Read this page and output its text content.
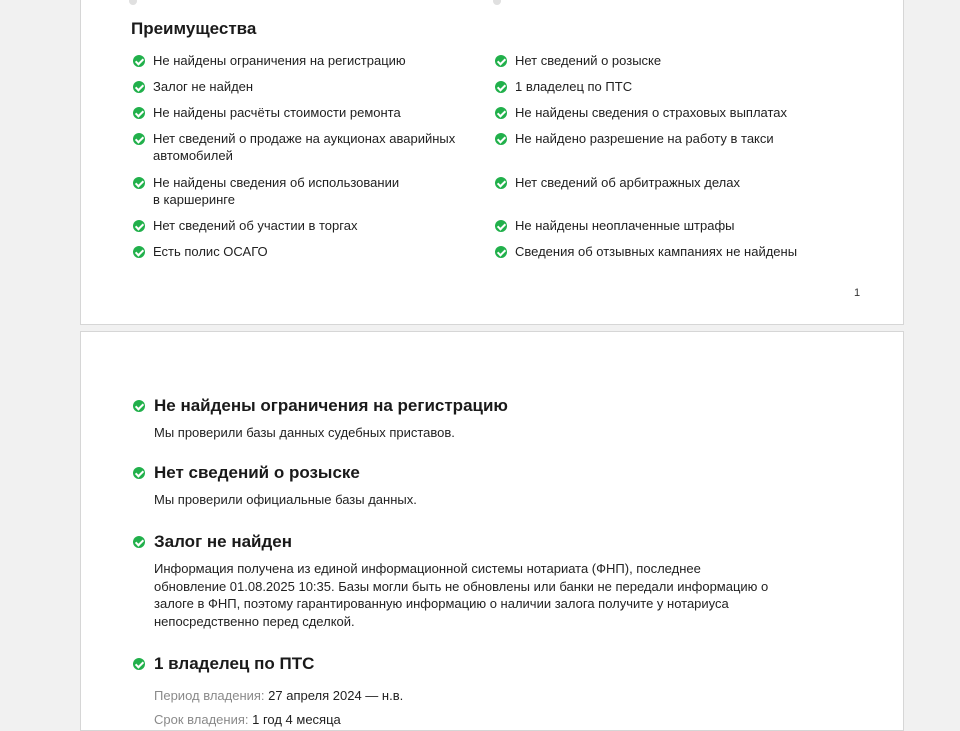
Преимущества
Не найдены ограничения на регистрацию
Залог не найден
Не найдены расчёты стоимости ремонта
Нет сведений о продаже на аукционах аварийных
автомобилей
Не найдены сведения об использовании
в каршеринге
Нет сведений об участии в торгах
Есть полис ОСАГО
Нет сведений о розыске
1 владелец по ПТС
Не найдены сведения о страховых выплатах
Не найдено разрешение на работу в такси
Нет сведений об арбитражных делах
Не найдены неоплаченные штрафы
Сведения об отзывных кампаниях не найдены
1
Не найдены ограничения на регистрацию
Мы проверили базы данных судебных приставов.
Нет сведений о розыске
Мы проверили официальные базы данных.
Залог не найден
Информация получена из единой информационной системы нотариата (ФНП), последнее
обновление 01.08.2025 10:35. Базы могли быть не обновлены или банки не передали информацию о
залоге в ФНП, поэтому гарантированную информацию о наличии залога получите у нотариуса
непосредственно перед сделкой.
1 владелец по ПТС
Период владения: 27 апреля 2024 — н.в.
Срок владения: 1 год 4 месяца
